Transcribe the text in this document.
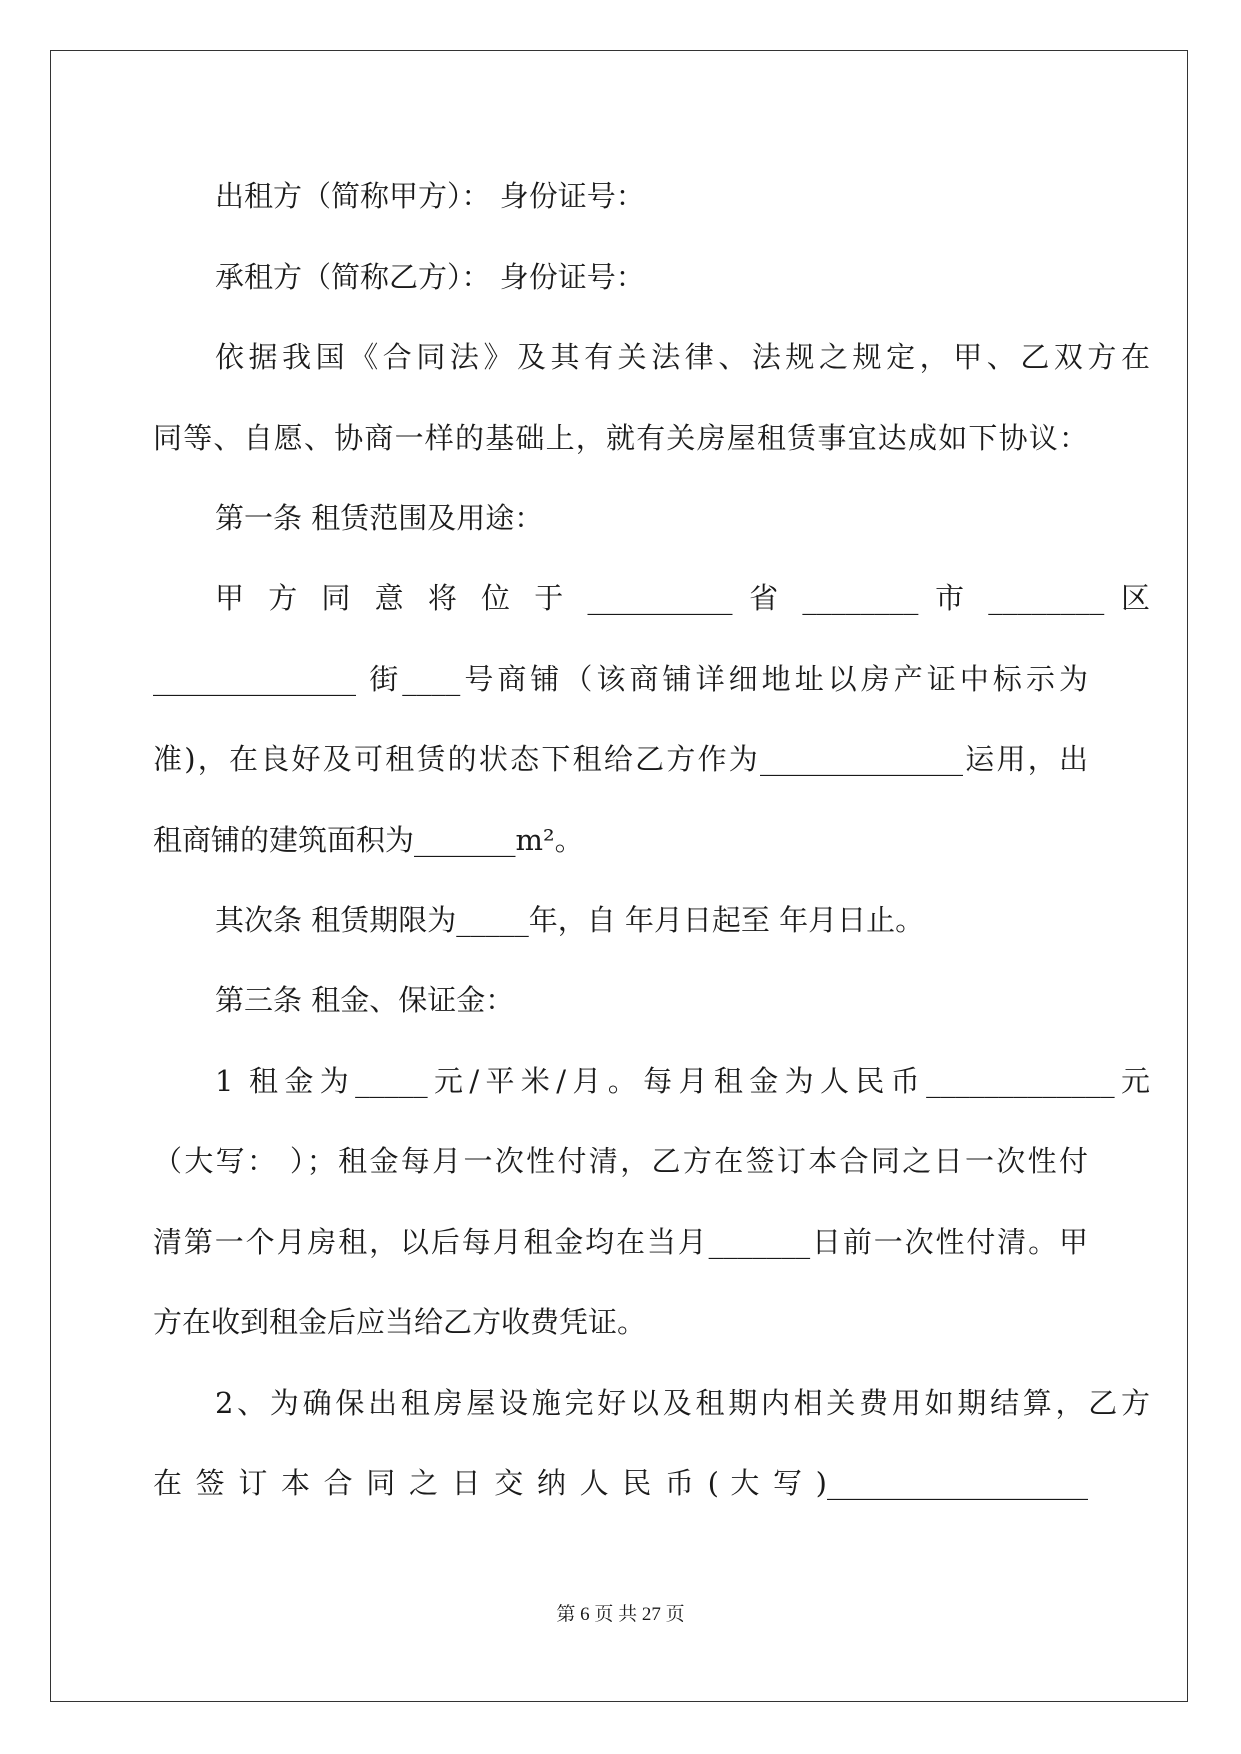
出租方（简称甲方）： 身份证号：
承租方（简称乙方）： 身份证号：
依据我国《合同法》及其有关法律、法规之规定，甲、乙双方在
同等、自愿、协商一样的基础上，就有关房屋租赁事宜达成如下协议：
第一条 租赁范围及用途：
甲 方 同 意 将 位 于 __________ 省 ________ 市 ________ 区
______________ 街____号商铺（该商铺详细地址以房产证中标示为
准)，在良好及可租赁的状态下租给乙方作为______________运用，出
租商铺的建筑面积为_______m²。
其次条 租赁期限为_____年，自 年月日起至 年月日止。
第三条 租金、保证金：
1 租金为_____元/平米/月。每月租金为人民币_____________元
（大写： ）；租金每月一次性付清，乙方在签订本合同之日一次性付
清第一个月房租，以后每月租金均在当月_______日前一次性付清。甲
方在收到租金后应当给乙方收费凭证。
2、为确保出租房屋设施完好以及租期内相关费用如期结算，乙方
在 签 订 本 合 同 之 日 交 纳 人 民 币 ( 大 写 )__________________
第 6 页 共 27 页
